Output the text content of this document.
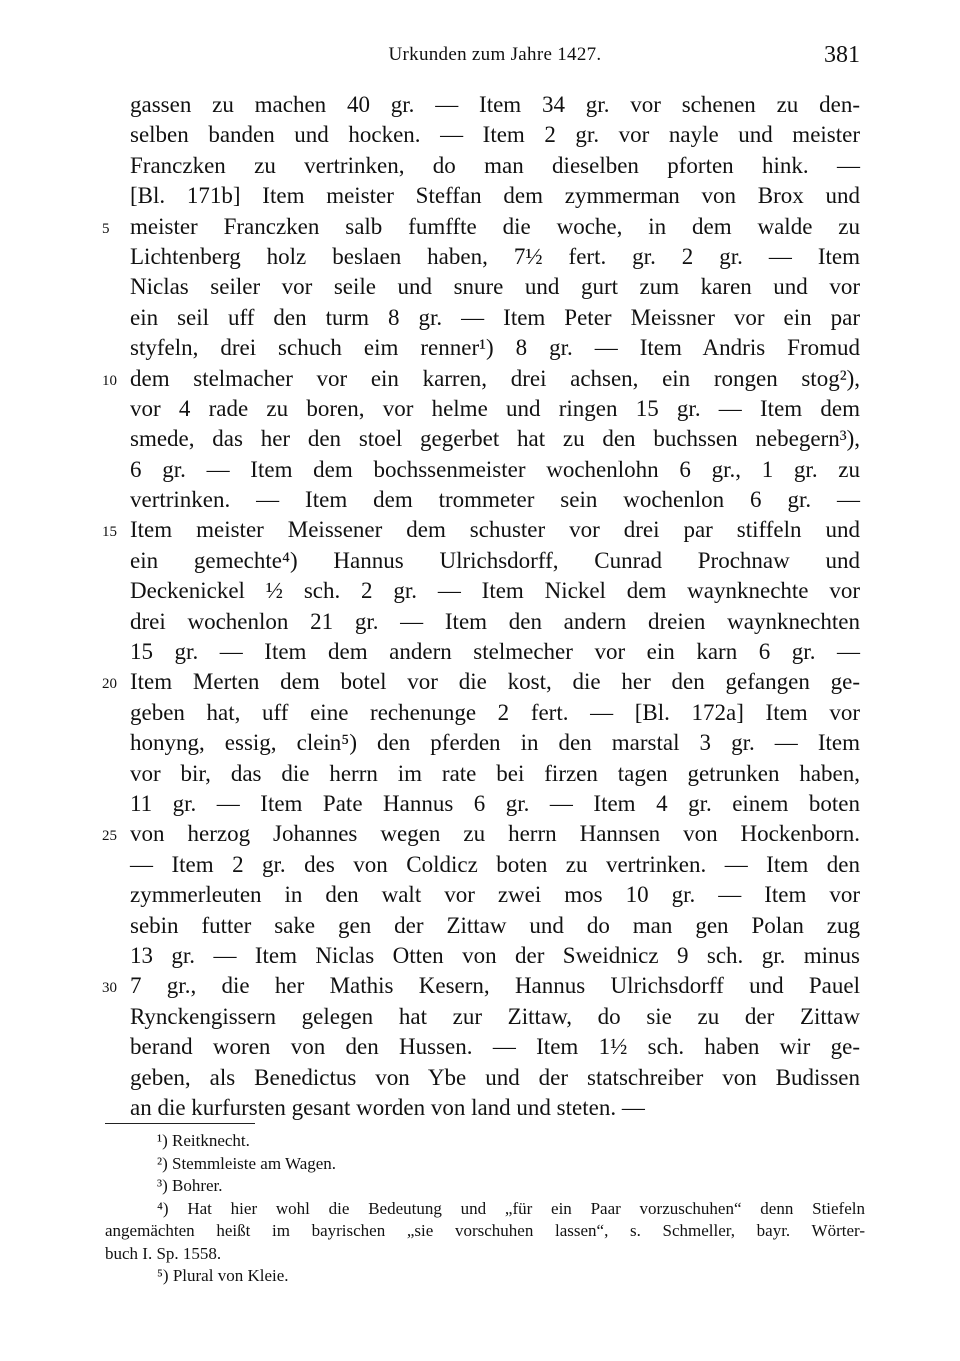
Urkunden zum Jahre 1427.	381
gassen zu machen 40 gr. — Item 34 gr. vor schenen zu den-
selben banden und hocken. — Item 2 gr. vor nayle und meister
Franczken zu vertrinken, do man dieselben pforten hink. —
[Bl. 171b] Item meister Steffan dem zymmerman von Brox und
5 meister Franczken salb fumffte die woche, in dem walde zu
Lichtenberg holz beslaen haben, 7½ fert. gr. 2 gr. — Item
Niclas seiler vor seile und snure und gurt zum karen und vor
ein seil uff den turm 8 gr. — Item Peter Meissner vor ein par
styfeln, drei schuch eim renner¹) 8 gr. — Item Andris Fromud
10 dem stelmacher vor ein karren, drei achsen, ein rongen stog²),
vor 4 rade zu boren, vor helme und ringen 15 gr. — Item dem
smede, das her den stoel gegerbet hat zu den buchssen nebegern³),
6 gr. — Item dem bochssenmeister wochenlohn 6 gr., 1 gr. zu
vertrinken. — Item dem trommeter sein wochenlon 6 gr. —
15 Item meister Meissener dem schuster vor drei par stiffeln und
ein gemechte⁴) Hannus Ulrichsdorff, Cunrad Prochnaw und
Deckenickel ½ sch. 2 gr. — Item Nickel dem waynknechte vor
drei wochenlon 21 gr. — Item den andern dreien waynknechten
15 gr. — Item dem andern stelmecher vor ein karn 6 gr. —
20 Item Merten dem botel vor die kost, die her den gefangen ge-
geben hat, uff eine rechenunge 2 fert. — [Bl. 172a] Item vor
honyng, essig, clein⁵) den pferden in den marstal 3 gr. — Item
vor bir, das die herrn im rate bei firzen tagen getrunken haben,
11 gr. — Item Pate Hannus 6 gr. — Item 4 gr. einem boten
25 von herzog Johannes wegen zu herrn Hannsen von Hockenborn.
— Item 2 gr. des von Coldicz boten zu vertrinken. — Item den
zymmerleuten in den walt vor zwei mos 10 gr. — Item vor
sebin futter sake gen der Zittaw und do man gen Polan zug
13 gr. — Item Niclas Otten von der Sweidnicz 9 sch. gr. minus
30 7 gr., die her Mathis Kesern, Hannus Ulrichsdorff und Pauel
Rynckengissern gelegen hat zur Zittaw, do sie zu der Zittaw
berand woren von den Hussen. — Item 1½ sch. haben wir ge-
geben, als Benedictus von Ybe und der statschreiber von Budissen
an die kurfursten gesant worden von land und steten. —
¹) Reitknecht.
²) Stemmleiste am Wagen.
³) Bohrer.
⁴) Hat hier wohl die Bedeutung und „für ein Paar vorzuschuhen“ denn Stiefeln
angemächten heißt im bayrischen „sie vorschuhen lassen“, s. Schmeller, bayr. Wörter-
buch I. Sp. 1558.
⁵) Plural von Kleie.
